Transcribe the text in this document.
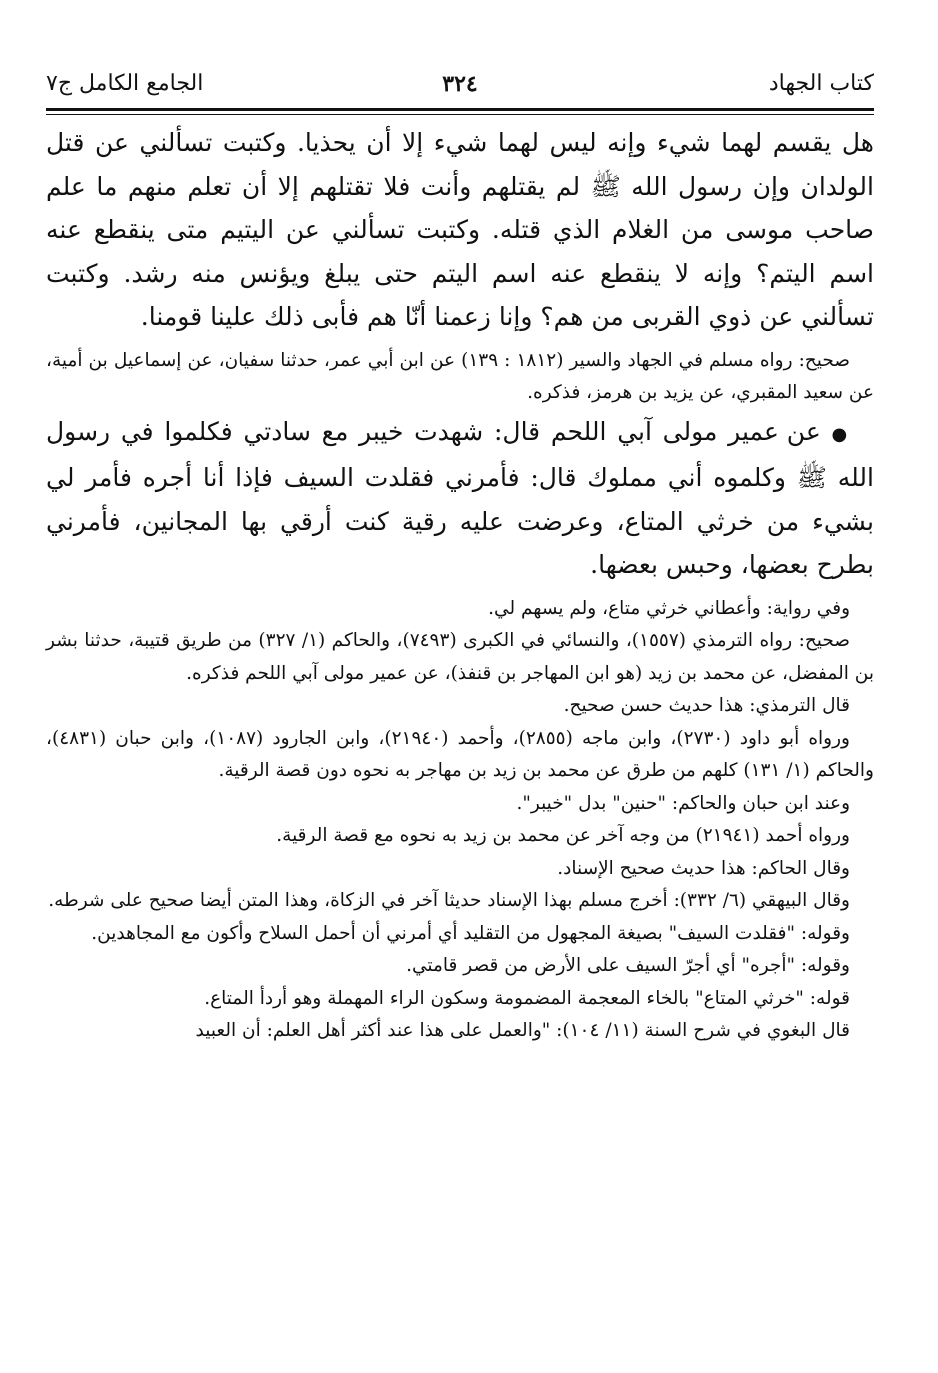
كتاب الجهاد
٣٢٤
الجامع الكامل ج٧

هل يقسم لهما شيء وإنه ليس لهما شيء إلا أن يحذيا. وكتبت تسألني عن قتل الولدان وإن رسول الله ﷺ لم يقتلهم وأنت فلا تقتلهم إلا أن تعلم منهم ما علم صاحب موسى من الغلام الذي قتله. وكتبت تسألني عن اليتيم متى ينقطع عنه اسم اليتم؟ وإنه لا ينقطع عنه اسم اليتم حتى يبلغ ويؤنس منه رشد. وكتبت تسألني عن ذوي القربى من هم؟ وإنا زعمنا أنّا هم فأبى ذلك علينا قومنا.

صحيح: رواه مسلم في الجهاد والسير (١٨١٢ : ١٣٩) عن ابن أبي عمر، حدثنا سفيان، عن إسماعيل بن أمية، عن سعيد المقبري، عن يزيد بن هرمز، فذكره.

● عن عمير مولى آبي اللحم قال: شهدت خيبر مع سادتي فكلموا في رسول الله ﷺ وكلموه أني مملوك قال: فأمرني فقلدت السيف فإذا أنا أجره فأمر لي بشيء من خرثي المتاع، وعرضت عليه رقية كنت أرقي بها المجانين، فأمرني بطرح بعضها، وحبس بعضها.

وفي رواية: وأعطاني خرثي متاع، ولم يسهم لي.

صحيح: رواه الترمذي (١٥٥٧)، والنسائي في الكبرى (٧٤٩٣)، والحاكم (١/ ٣٢٧) من طريق قتيبة، حدثنا بشر بن المفضل، عن محمد بن زيد (هو ابن المهاجر بن قنفذ)، عن عمير مولى آبي اللحم فذكره.

قال الترمذي: هذا حديث حسن صحيح.

ورواه أبو داود (٢٧٣٠)، وابن ماجه (٢٨٥٥)، وأحمد (٢١٩٤٠)، وابن الجارود (١٠٨٧)، وابن حبان (٤٨٣١)، والحاكم (١/ ١٣١) كلهم من طرق عن محمد بن زيد بن مهاجر به نحوه دون قصة الرقية.

وعند ابن حبان والحاكم: "حنين" بدل "خيبر".

ورواه أحمد (٢١٩٤١) من وجه آخر عن محمد بن زيد به نحوه مع قصة الرقية.

وقال الحاكم: هذا حديث صحيح الإسناد.

وقال البيهقي (٦/ ٣٣٢): أخرج مسلم بهذا الإسناد حديثا آخر في الزكاة، وهذا المتن أيضا صحيح على شرطه.

وقوله: "فقلدت السيف" بصيغة المجهول من التقليد أي أمرني أن أحمل السلاح وأكون مع المجاهدين.

وقوله: "أجره" أي أجرّ السيف على الأرض من قصر قامتي.

قوله: "خرثي المتاع" بالخاء المعجمة المضمومة وسكون الراء المهملة وهو أردأ المتاع.

قال البغوي في شرح السنة (١١/ ١٠٤): "والعمل على هذا عند أكثر أهل العلم: أن العبيد
